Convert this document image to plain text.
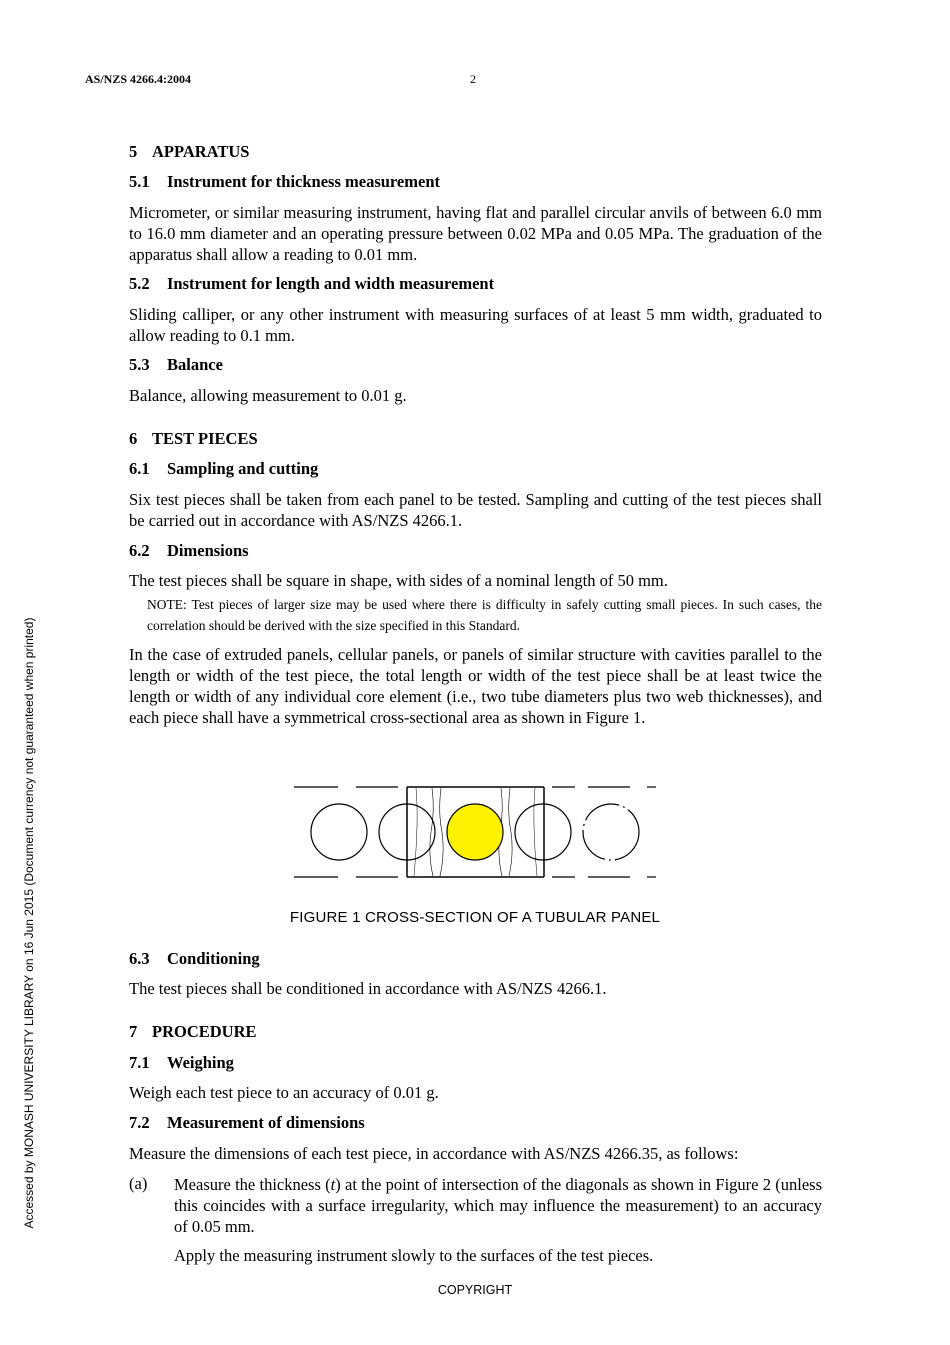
AS/NZS 4266.4:2004	2
Accessed by MONASH UNIVERSITY LIBRARY on 16 Jun 2015 (Document currency not guaranteed when printed)
5 APPARATUS
5.1 Instrument for thickness measurement
Micrometer, or similar measuring instrument, having flat and parallel circular anvils of between 6.0 mm to 16.0 mm diameter and an operating pressure between 0.02 MPa and 0.05 MPa. The graduation of the apparatus shall allow a reading to 0.01 mm.
5.2 Instrument for length and width measurement
Sliding calliper, or any other instrument with measuring surfaces of at least 5 mm width, graduated to allow reading to 0.1 mm.
5.3 Balance
Balance, allowing measurement to 0.01 g.
6 TEST PIECES
6.1 Sampling and cutting
Six test pieces shall be taken from each panel to be tested. Sampling and cutting of the test pieces shall be carried out in accordance with AS/NZS 4266.1.
6.2 Dimensions
The test pieces shall be square in shape, with sides of a nominal length of 50 mm.
NOTE: Test pieces of larger size may be used where there is difficulty in safely cutting small pieces. In such cases, the correlation should be derived with the size specified in this Standard.
In the case of extruded panels, cellular panels, or panels of similar structure with cavities parallel to the length or width of the test piece, the total length or width of the test piece shall be at least twice the length or width of any individual core element (i.e., two tube diameters plus two web thicknesses), and each piece shall have a symmetrical cross-sectional area as shown in Figure 1.
FIGURE 1 CROSS-SECTION OF A TUBULAR PANEL
6.3 Conditioning
The test pieces shall be conditioned in accordance with AS/NZS 4266.1.
7 PROCEDURE
7.1 Weighing
Weigh each test piece to an accuracy of 0.01 g.
7.2 Measurement of dimensions
Measure the dimensions of each test piece, in accordance with AS/NZS 4266.35, as follows:
(a) Measure the thickness (t) at the point of intersection of the diagonals as shown in Figure 2 (unless this coincides with a surface irregularity, which may influence the measurement) to an accuracy of 0.05 mm.
Apply the measuring instrument slowly to the surfaces of the test pieces.
COPYRIGHT
